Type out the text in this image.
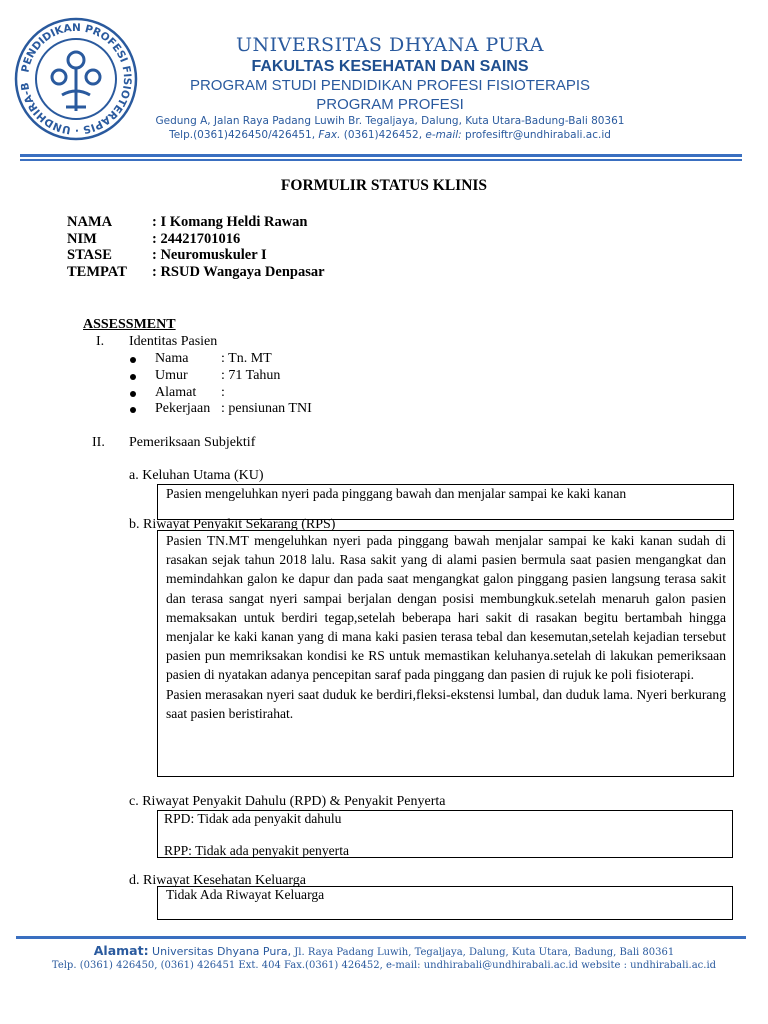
PENDIDIKAN PROFESI FISIOTERAPIS · UNDHIRA-B
UNIVERSITAS DHYANA PURA
FAKULTAS KESEHATAN DAN SAINS
PROGRAM STUDI PENDIDIKAN PROFESI FISIOTERAPIS
PROGRAM PROFESI
Gedung A, Jalan Raya Padang Luwih Br. Tegaljaya, Dalung, Kuta Utara-Badung-Bali 80361
Telp.(0361)426450/426451, Fax. (0361)426452, e-mail: profesiftr@undhirabali.ac.id
FORMULIR STATUS KLINIS
NAMA	: I Komang Heldi Rawan
NIM	: 24421701016
STASE	: Neuromuskuler I
TEMPAT : RSUD Wangaya Denpasar
ASSESSMENT
I. Identitas Pasien
Nama : Tn. MT
Umur : 71 Tahun
Alamat :
Pekerjaan : pensiunan TNI
II. Pemeriksaan Subjektif
a. Keluhan Utama (KU)
Pasien mengeluhkan nyeri pada pinggang bawah dan menjalar sampai ke kaki kanan
b. Riwayat Penyakit Sekarang (RPS)

Pasien TN.MT mengeluhkan nyeri pada pinggang bawah menjalar sampai ke kaki kanan sudah di rasakan sejak tahun 2018 lalu. Rasa sakit yang di alami pasien bermula saat pasien mengangkat dan memindahkan galon ke dapur dan pada saat mengangkat galon pinggang pasien langsung terasa sakit dan terasa sangat nyeri sampai berjalan dengan posisi membungkuk.setelah menaruh galon pasien memaksakan untuk berdiri tegap,setelah beberapa hari sakit di rasakan begitu bertambah hingga menjalar ke kaki kanan yang di mana kaki pasien terasa tebal dan kesemutan,setelah kejadian tersebut pasien pun memriksakan kondisi ke RS untuk memastikan keluhanya.setelah di lakukan pemeriksaan pasien di nyatakan adanya pencepitan saraf pada pinggang dan pasien di rujuk ke poli fisioterapi.

Pasien merasakan nyeri saat duduk ke berdiri,fleksi-ekstensi lumbal, dan duduk lama. Nyeri berkurang saat pasien beristirahat.

c. Riwayat Penyakit Dahulu (RPD) & Penyakit Penyerta
RPD: Tidak ada penyakit dahulu
RPP: Tidak ada penyakit penyerta
d. Riwayat Kesehatan Keluarga
Tidak Ada Riwayat Keluarga
Alamat: Universitas Dhyana Pura, Jl. Raya Padang Luwih, Tegaljaya, Dalung, Kuta Utara, Badung, Bali 80361
Telp. (0361) 426450, (0361) 426451 Ext. 404 Fax.(0361) 426452, e-mail: undhirabali@undhirabali.ac.id website : undhirabali.ac.id
